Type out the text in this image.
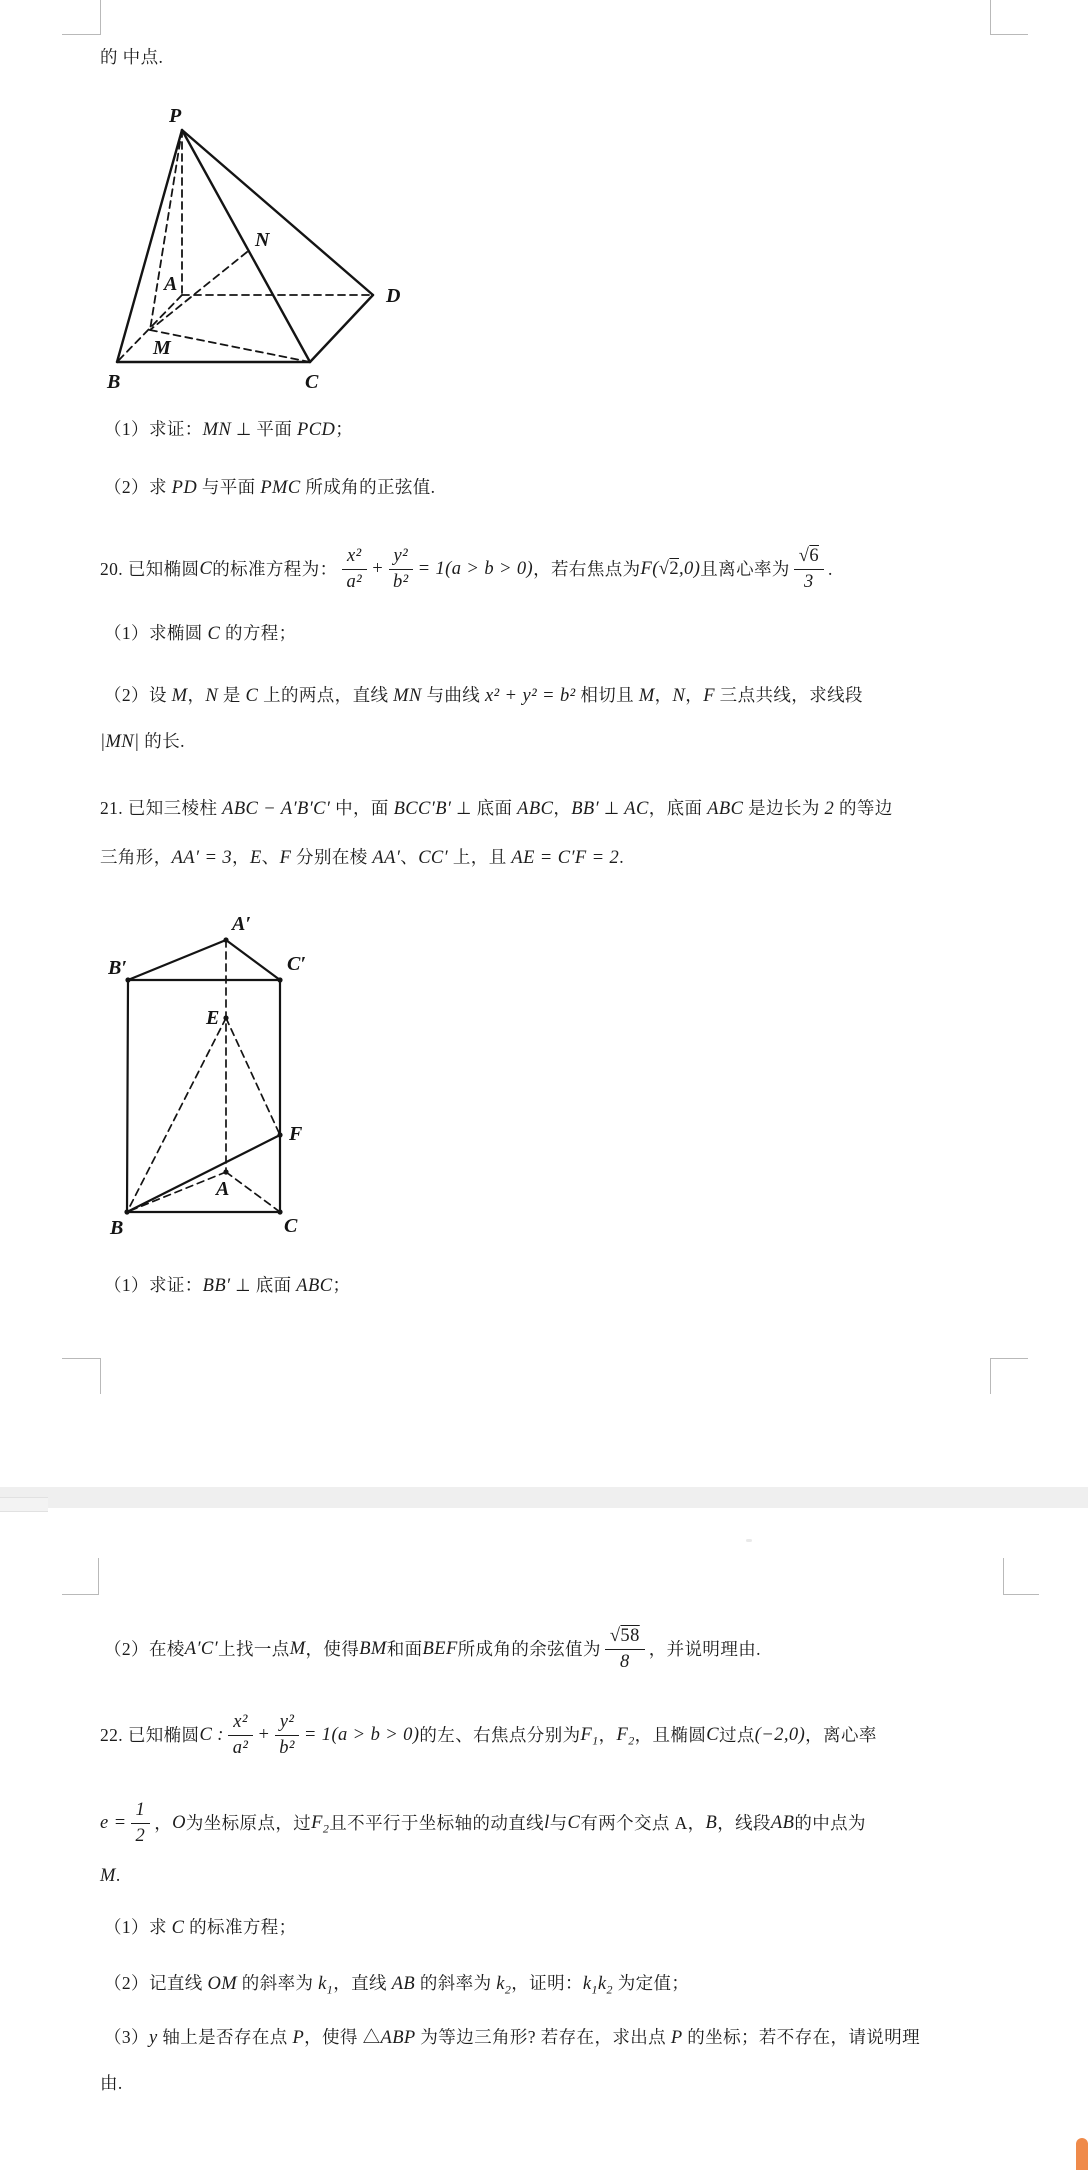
的 中点.
P
A
B	C
D
M
N
（1）求证：MN ⊥ 平面 PCD；
（2）求 PD 与平面 PMC 所成角的正弦值.
20. 已知椭圆 C 的标准方程为： $\frac{\text{x²}}{\text{a²}} + \frac{\text{y²}}{\text{b²}} = 1(a > b > 0)$ ，若右焦点为 F( √2 ,0) 且离心率为 $\frac{√6}{3}$ .
（1）求椭圆 C 的方程；
（2）设 M，N 是 C 上的两点，直线 MN 与曲线 x² + y² = b² 相切且 M，N，F 三点共线，求线段
|MN| 的长.
21. 已知三棱柱 ABC − A′B′C′ 中，面 BCC′B′ ⊥ 底面 ABC，BB′ ⊥ AC，底面 ABC 是边长为 2 的等边
三角形，AA′ = 3，E、F 分别在棱 AA′、CC′ 上，且 AE = C′F = 2.
A′
B′	C′
E
F
A
B	C
（1）求证：BB′ ⊥ 底面 ABC；
（2）在棱 A′C′ 上找一点 M ，使得 BM 和面 BEF 所成角的余弦值为 $\frac{√58}{8}$ ，并说明理由.
22. 已知椭圆 C : $\frac{\text{x²}}{\text{a²}} + \frac{\text{y²}}{\text{b²}} = 1(a > b > 0)$ 的左、右焦点分别为 $F_1$ ， $F_2$ ，且椭圆 C 过点 (−2,0) ，离心率
$e = \frac{1}{2}$ ， O 为坐标原点，过 $F_2$ 且不平行于坐标轴的动直线 l 与 C 有两个交点 A， B ，线段 AB 的中点为
M.
（1）求 C 的标准方程；
（2）记直线 OM 的斜率为 $k_1$，直线 AB 的斜率为 $k_2$，证明：$k_1k_2$ 为定值；
（3）y 轴上是否存在点 P，使得 △ABP 为等边三角形? 若存在，求出点 P 的坐标；若不存在，请说明理
由.
